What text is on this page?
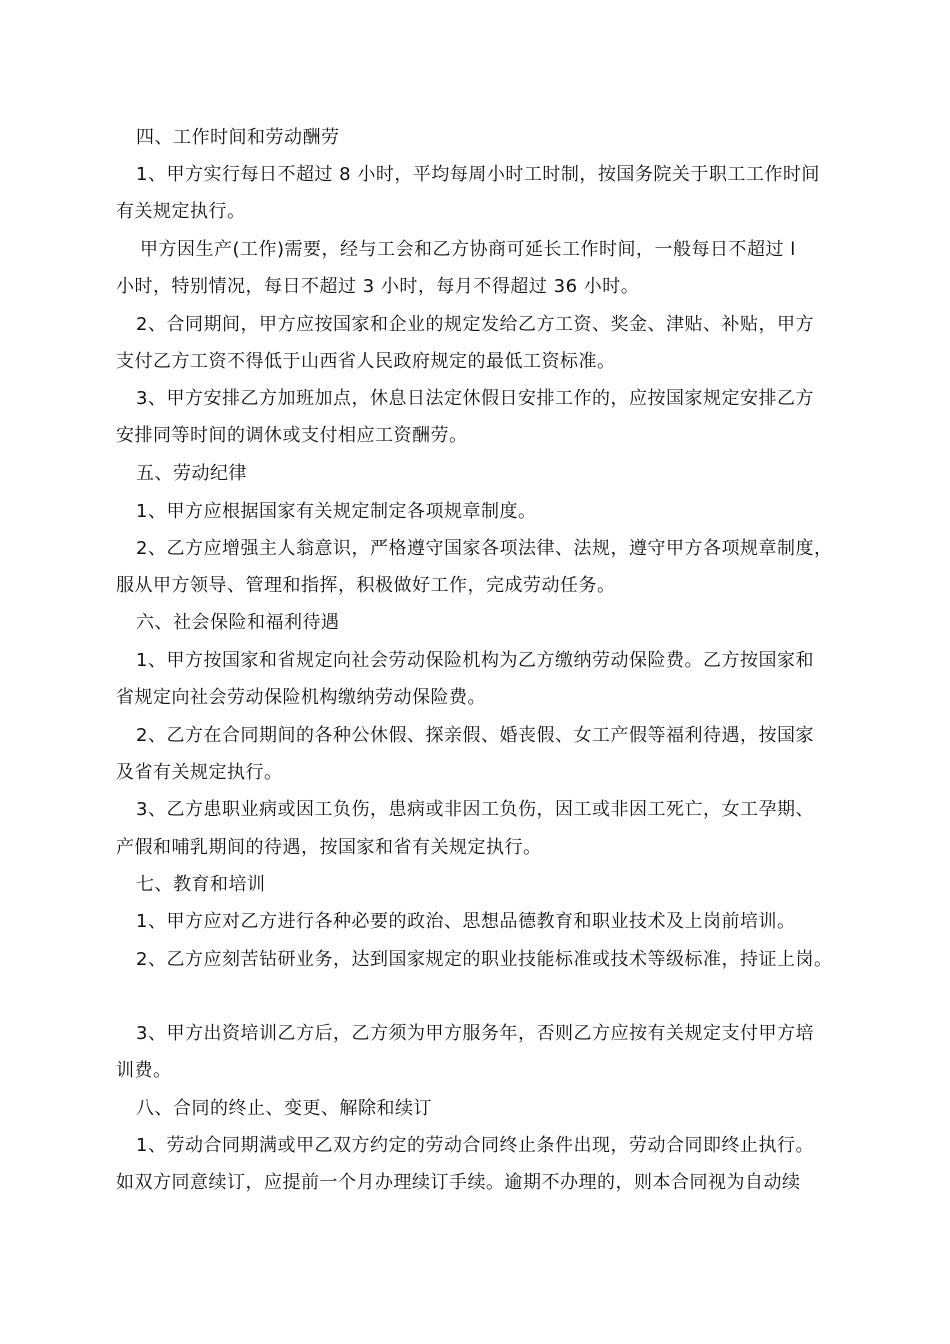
四、工作时间和劳动酬劳
1、甲方实行每日不超过 8 小时，平均每周小时工时制，按国务院关于职工工作时间
有关规定执行。
甲方因生产(工作)需要，经与工会和乙方协商可延长工作时间，一般每日不超过 l
小时，特别情况，每日不超过 3 小时，每月不得超过 36 小时。
2、合同期间，甲方应按国家和企业的规定发给乙方工资、奖金、津贴、补贴，甲方
支付乙方工资不得低于山西省人民政府规定的最低工资标准。
3、甲方安排乙方加班加点，休息日法定休假日安排工作的，应按国家规定安排乙方
安排同等时间的调休或支付相应工资酬劳。
五、劳动纪律
1、甲方应根据国家有关规定制定各项规章制度。
2、乙方应增强主人翁意识，严格遵守国家各项法律、法规，遵守甲方各项规章制度，
服从甲方领导、管理和指挥，积极做好工作，完成劳动任务。
六、社会保险和福利待遇
1、甲方按国家和省规定向社会劳动保险机构为乙方缴纳劳动保险费。乙方按国家和
省规定向社会劳动保险机构缴纳劳动保险费。
2、乙方在合同期间的各种公休假、探亲假、婚丧假、女工产假等福利待遇，按国家
及省有关规定执行。
3、乙方患职业病或因工负伤，患病或非因工负伤，因工或非因工死亡，女工孕期、
产假和哺乳期间的待遇，按国家和省有关规定执行。
七、教育和培训
1、甲方应对乙方进行各种必要的政治、思想品德教育和职业技术及上岗前培训。
2、乙方应刻苦钻研业务，达到国家规定的职业技能标准或技术等级标准，持证上岗。
3、甲方出资培训乙方后，乙方须为甲方服务年，否则乙方应按有关规定支付甲方培
训费。
八、合同的终止、变更、解除和续订
1、劳动合同期满或甲乙双方约定的劳动合同终止条件出现，劳动合同即终止执行。
如双方同意续订，应提前一个月办理续订手续。逾期不办理的，则本合同视为自动续
